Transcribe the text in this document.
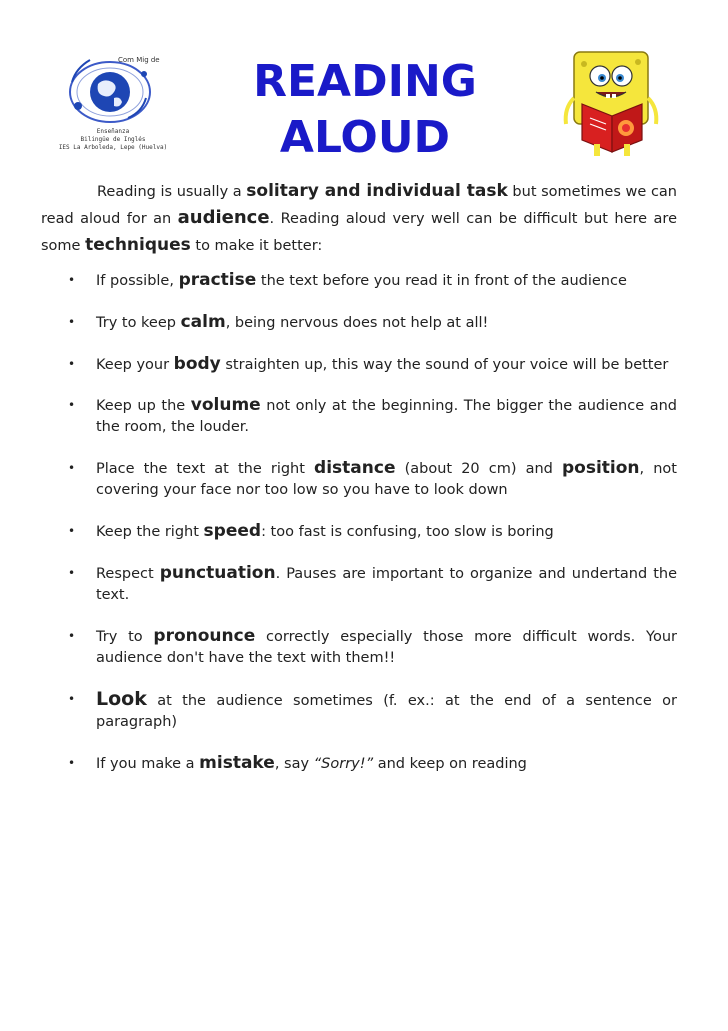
Com Mig de
Enseñanza
Bilingüe de Inglés
IES La Arboleda, Lepe (Huelva)
READING
ALOUD

Reading is usually a solitary and individual task but sometimes we can read aloud for an audience. Reading aloud very well can be difficult but here are some techniques to make it better:

• If possible, practise the text before you read it in front of the audience
• Try to keep calm, being nervous does not help at all!
• Keep your body straighten up, this way the sound of your voice will be better
• Keep up the volume not only at the beginning. The bigger the audience and the room, the louder.
• Place the text at the right distance (about 20 cm) and position, not covering your face nor too low so you have to look down
• Keep the right speed: too fast is confusing, too slow is boring
• Respect punctuation. Pauses are important to organize and undertand the text.
• Try to pronounce correctly especially those more difficult words. Your audience don't have the text with them!!
• Look at the audience sometimes (f. ex.: at the end of a sentence or paragraph)
• If you make a mistake, say “Sorry!” and keep on reading
